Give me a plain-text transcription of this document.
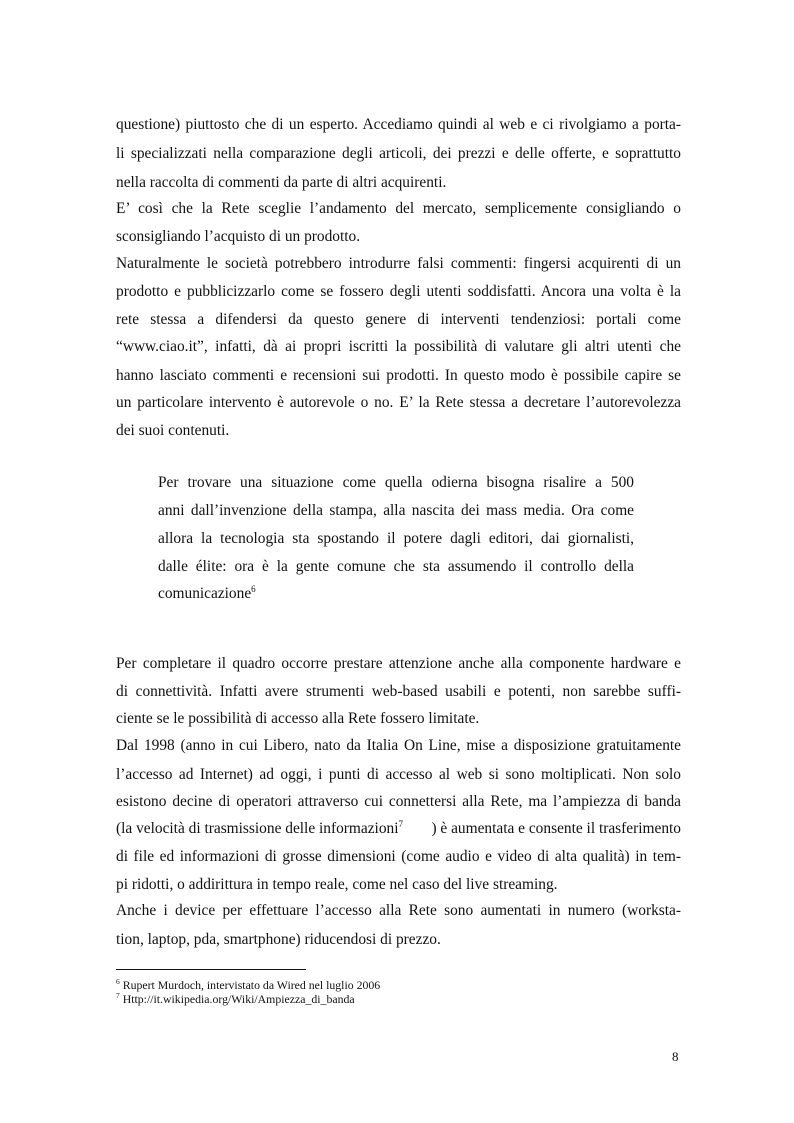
questione) piuttosto che di un esperto. Accediamo quindi al web e ci rivolgiamo a porta-
li specializzati nella comparazione degli articoli, dei prezzi e delle offerte, e soprattutto
nella raccolta di commenti da parte di altri acquirenti.
E’ così che la Rete sceglie l’andamento del mercato, semplicemente consigliando o
sconsigliando l’acquisto di un prodotto.
Naturalmente le società potrebbero introdurre falsi commenti: fingersi acquirenti di un
prodotto e pubblicizzarlo come se fossero degli utenti soddisfatti. Ancora una volta è la
rete stessa a difendersi da questo genere di interventi tendenziosi: portali come
“www.ciao.it”, infatti, dà ai propri iscritti la possibilità di valutare gli altri utenti che
hanno lasciato commenti e recensioni sui prodotti. In questo modo è possibile capire se
un particolare intervento è autorevole o no. E’ la Rete stessa a decretare l’autorevolezza
dei suoi contenuti.
Per trovare una situazione come quella odierna bisogna risalire a 500
anni dall’invenzione della stampa, alla nascita dei mass media. Ora come
allora la tecnologia sta spostando il potere dagli editori, dai giornalisti,
dalle élite: ora è la gente comune che sta assumendo il controllo della
comunicazione$^6$
Per completare il quadro occorre prestare attenzione anche alla componente hardware e
di connettività. Infatti avere strumenti web-based usabili e potenti, non sarebbe suffi-
ciente se le possibilità di accesso alla Rete fossero limitate.
Dal 1998 (anno in cui Libero, nato da Italia On Line, mise a disposizione gratuitamente
l’accesso ad Internet) ad oggi, i punti di accesso al web si sono moltiplicati. Non solo
esistono decine di operatori attraverso cui connettersi alla Rete, ma l’ampiezza di banda
(la velocità di trasmissione delle informazioni$^7$ ) è aumentata e consente il trasferimento
di file ed informazioni di grosse dimensioni (come audio e video di alta qualità) in tem-
pi ridotti, o addirittura in tempo reale, come nel caso del live streaming.
Anche i device per effettuare l’accesso alla Rete sono aumentati in numero (workstа-
tion, laptop, pda, smartphone) riducendosi di prezzo.
$^6$ Rupert Murdoch, intervistato da Wired nel luglio 2006
$^7$ Http://it.wikipedia.org/Wiki/Ampiezza_di_banda
8
